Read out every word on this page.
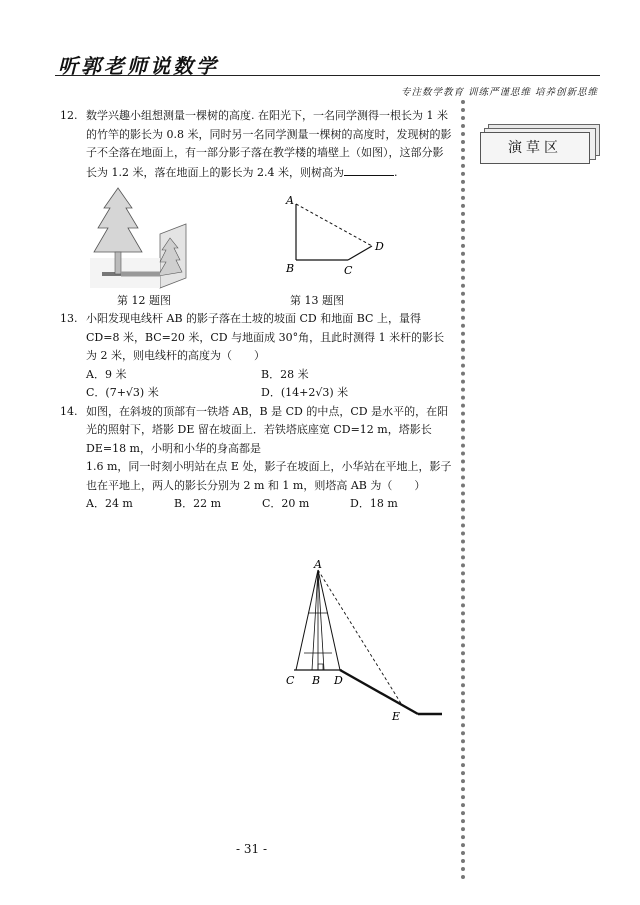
听郭老师说数学
专注数学教育 训练严谨思维 培养创新思维
演草区
12. 数学兴趣小组想测量一棵树的高度. 在阳光下，一名同学测得一根长为 1 米的竹竿的影长为 0.8 米，同时另一名同学测量一棵树的高度时，发现树的影子不全落在地面上，有一部分影子落在教学楼的墙壁上（如图），这部分影长为 1.2 米，落在地面上的影长为 2.4 米，则树高为	.
A
B	C
D
第 12 题图	第 13 题图
13. 小阳发现电线杆 AB 的影子落在土坡的坡面 CD 和地面 BC 上，量得 CD=8 米，BC=20 米，CD 与地面成 30°角，且此时测得 1 米杆的影长为 2 米，则电线杆的高度为（　　）
A．9 米	B．28 米
C．(7+√3) 米	D．(14+2√3) 米
14. 如图，在斜坡的顶部有一铁塔 AB，B 是 CD 的中点，CD 是水平的，在阳光的照射下，塔影 DE 留在坡面上．若铁塔底座宽 CD=12 m，塔影长 DE=18 m，小明和小华的身高都是
1.6 m，同一时刻小明站在点 E 处，影子在坡面上，小华站在平地上，影子也在平地上，两人的影长分别为 2 m 和 1 m，则塔高 AB 为（　　）
A．24 m	B．22 m	C．20 m	D．18 m
A
C B D
E
- 31 -
